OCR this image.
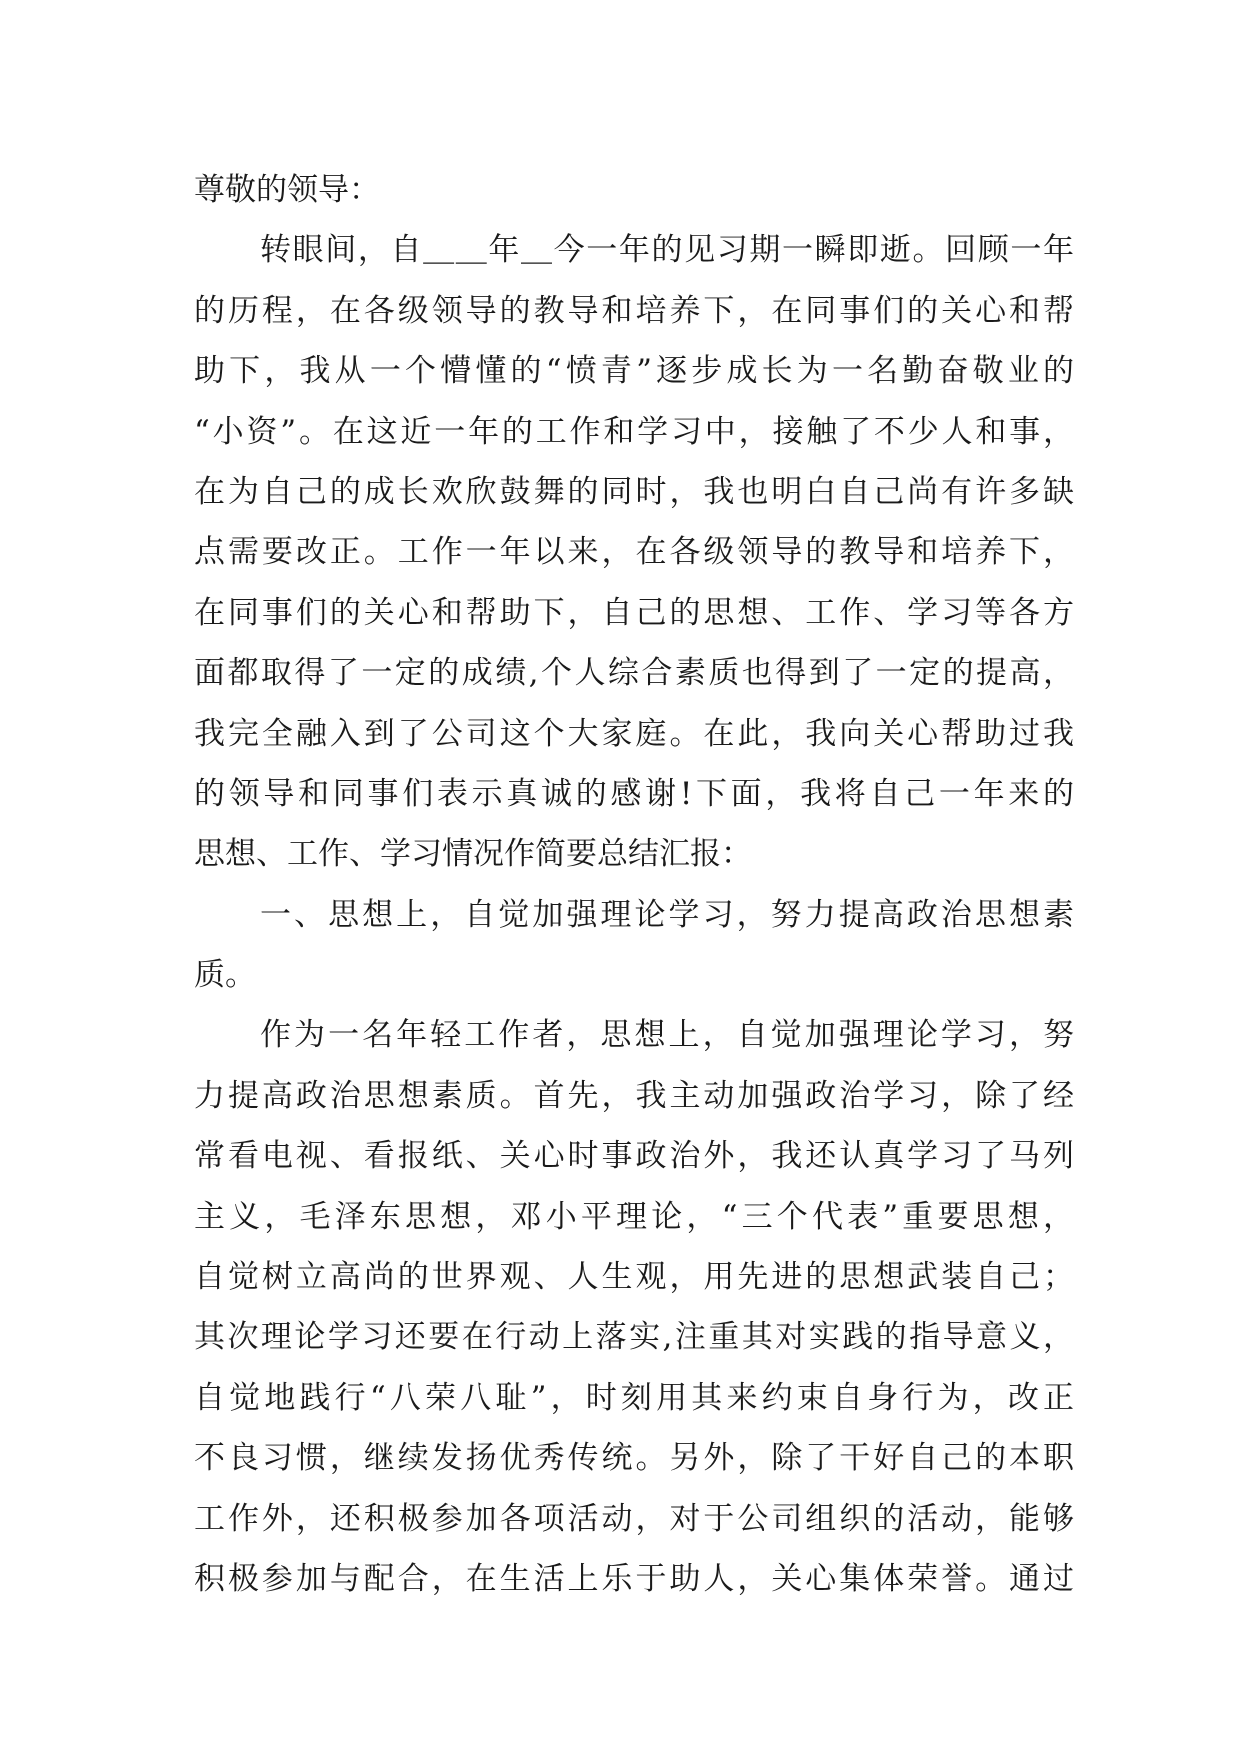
尊敬的领导：
转眼间，自＿＿年＿今一年的见习期一瞬即逝。回顾一年
的历程，在各级领导的教导和培养下，在同事们的关心和帮
助下，我从一个懵懂的“愤青”逐步成长为一名勤奋敬业的
“小资”。在这近一年的工作和学习中，接触了不少人和事，
在为自己的成长欢欣鼓舞的同时，我也明白自己尚有许多缺
点需要改正。工作一年以来，在各级领导的教导和培养下，
在同事们的关心和帮助下，自己的思想、工作、学习等各方
面都取得了一定的成绩,个人综合素质也得到了一定的提高，
我完全融入到了公司这个大家庭。在此，我向关心帮助过我
的领导和同事们表示真诚的感谢!下面，我将自己一年来的
思想、工作、学习情况作简要总结汇报：
一、思想上，自觉加强理论学习，努力提高政治思想素
质。
作为一名年轻工作者，思想上，自觉加强理论学习，努
力提高政治思想素质。首先，我主动加强政治学习，除了经
常看电视、看报纸、关心时事政治外，我还认真学习了马列
主义，毛泽东思想，邓小平理论，“三个代表”重要思想，
自觉树立高尚的世界观、人生观，用先进的思想武装自己；
其次理论学习还要在行动上落实,注重其对实践的指导意义，
自觉地践行“八荣八耻”，时刻用其来约束自身行为，改正
不良习惯，继续发扬优秀传统。另外，除了干好自己的本职
工作外，还积极参加各项活动，对于公司组织的活动，能够
积极参加与配合，在生活上乐于助人，关心集体荣誉。通过
